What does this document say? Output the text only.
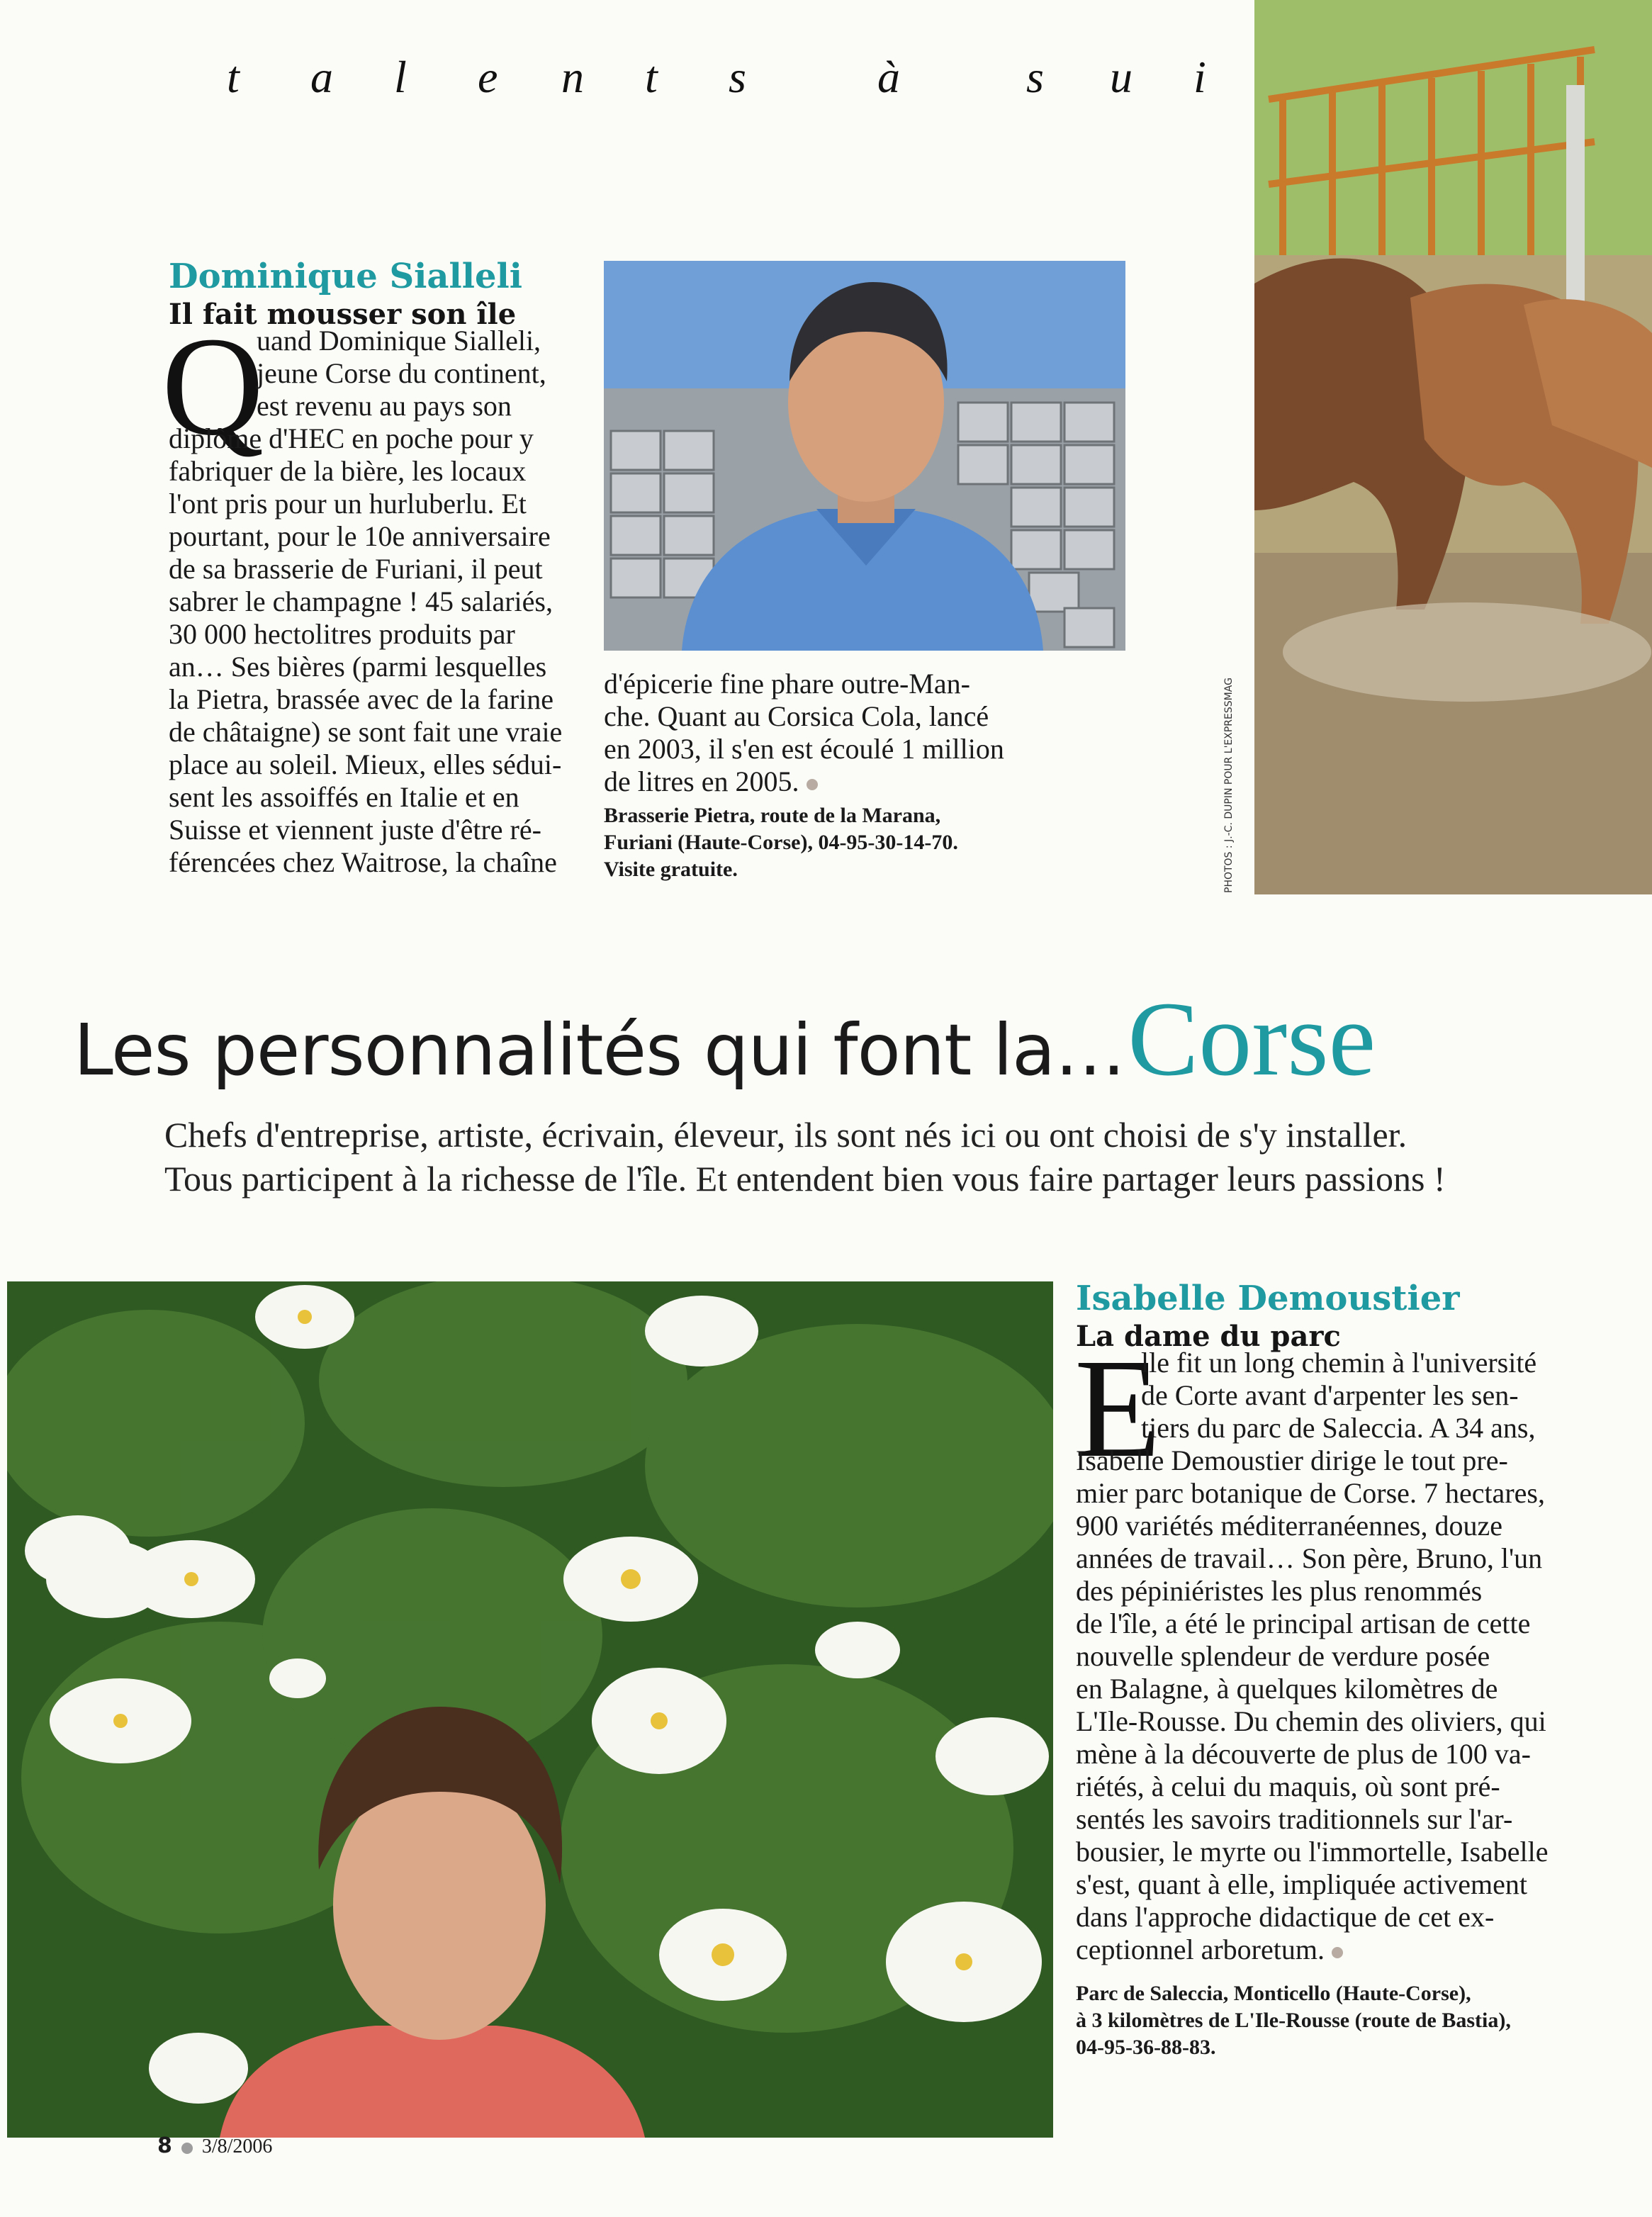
t a l e n t s	à	s u i
Dominique Sialleli
Il fait mousser son île
Q
uand Dominique Sialleli,
jeune Corse du continent,
est revenu au pays son
diplôme d'HEC en poche pour y
fabriquer de la bière, les locaux
l'ont pris pour un hurluberlu. Et
pourtant, pour le 10e anniversaire
de sa brasserie de Furiani, il peut
sabrer le champagne ! 45 salariés,
30 000 hectolitres produits par
an… Ses bières (parmi lesquelles
la Pietra, brassée avec de la farine
de châtaigne) se sont fait une vraie
place au soleil. Mieux, elles sédui-
sent les assoiffés en Italie et en
Suisse et viennent juste d'être ré-
férencées chez Waitrose, la chaîne
d'épicerie fine phare outre-Man-
che. Quant au Corsica Cola, lancé
en 2003, il s'en est écoulé 1 million
de litres en 2005.
Brasserie Pietra, route de la Marana,
Furiani (Haute-Corse), 04-95-30-14-70.
Visite gratuite.	PHOTOS : J.-C. DUPIN POUR L'EXPRESSMAG
Les personnalités qui font la…Corse
Chefs d'entreprise, artiste, écrivain, éleveur, ils sont nés ici ou ont choisi de s'y installer.
Tous participent à la richesse de l'île. Et entendent bien vous faire partager leurs passions !
Isabelle Demoustier
La dame du parc
E
lle fit un long chemin à l'université
de Corte avant d'arpenter les sen-
tiers du parc de Saleccia. A 34 ans,
Isabelle Demoustier dirige le tout pre-
mier parc botanique de Corse. 7 hectares,
900 variétés méditerranéennes, douze
années de travail… Son père, Bruno, l'un
des pépiniéristes les plus renommés
de l'île, a été le principal artisan de cette
nouvelle splendeur de verdure posée
en Balagne, à quelques kilomètres de
L'Ile-Rousse. Du chemin des oliviers, qui
mène à la découverte de plus de 100 va-
riétés, à celui du maquis, où sont pré-
sentés les savoirs traditionnels sur l'ar-
bousier, le myrte ou l'immortelle, Isabelle
s'est, quant à elle, impliquée activement
dans l'approche didactique de cet ex-
ceptionnel arboretum.
Parc de Saleccia, Monticello (Haute-Corse),
à 3 kilomètres de L'Ile-Rousse (route de Bastia),
04-95-36-88-83.
8 3/8/2006
